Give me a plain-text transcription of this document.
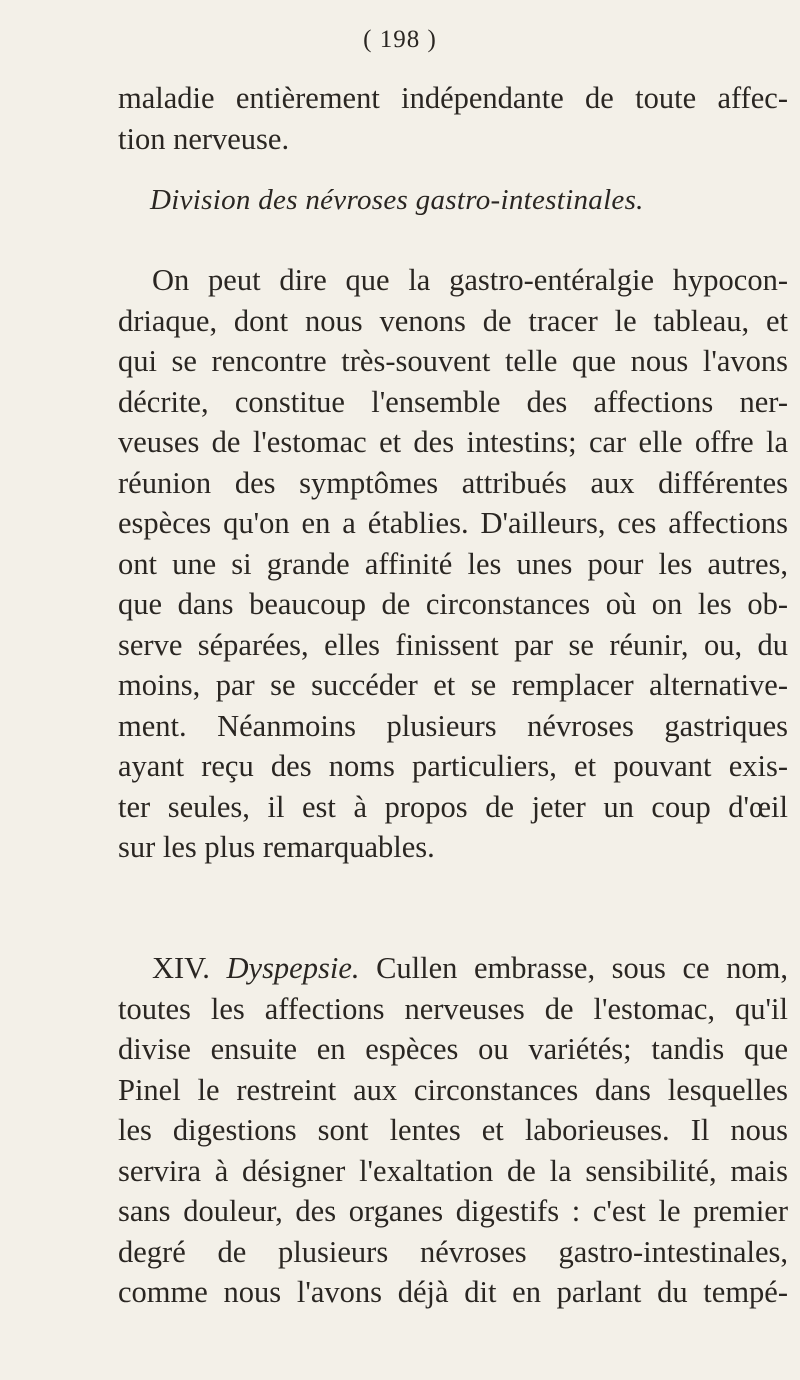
( 198 )
maladie entièrement indépendante de toute affec-
tion nerveuse.
Division des névroses gastro-intestinales.
On peut dire que la gastro-entéralgie hypocon-
driaque, dont nous venons de tracer le tableau, et
qui se rencontre très-souvent telle que nous l'avons
décrite, constitue l'ensemble des affections ner-
veuses de l'estomac et des intestins; car elle offre la
réunion des symptômes attribués aux différentes
espèces qu'on en a établies. D'ailleurs, ces affections
ont une si grande affinité les unes pour les autres,
que dans beaucoup de circonstances où on les ob-
serve séparées, elles finissent par se réunir, ou, du
moins, par se succéder et se remplacer alternative-
ment. Néanmoins plusieurs névroses gastriques
ayant reçu des noms particuliers, et pouvant exis-
ter seules, il est à propos de jeter un coup d'œil
sur les plus remarquables.
XIV. Dyspepsie. Cullen embrasse, sous ce nom,
toutes les affections nerveuses de l'estomac, qu'il
divise ensuite en espèces ou variétés; tandis que
Pinel le restreint aux circonstances dans lesquelles
les digestions sont lentes et laborieuses. Il nous
servira à désigner l'exaltation de la sensibilité, mais
sans douleur, des organes digestifs : c'est le premier
degré de plusieurs névroses gastro-intestinales,
comme nous l'avons déjà dit en parlant du tempé-
